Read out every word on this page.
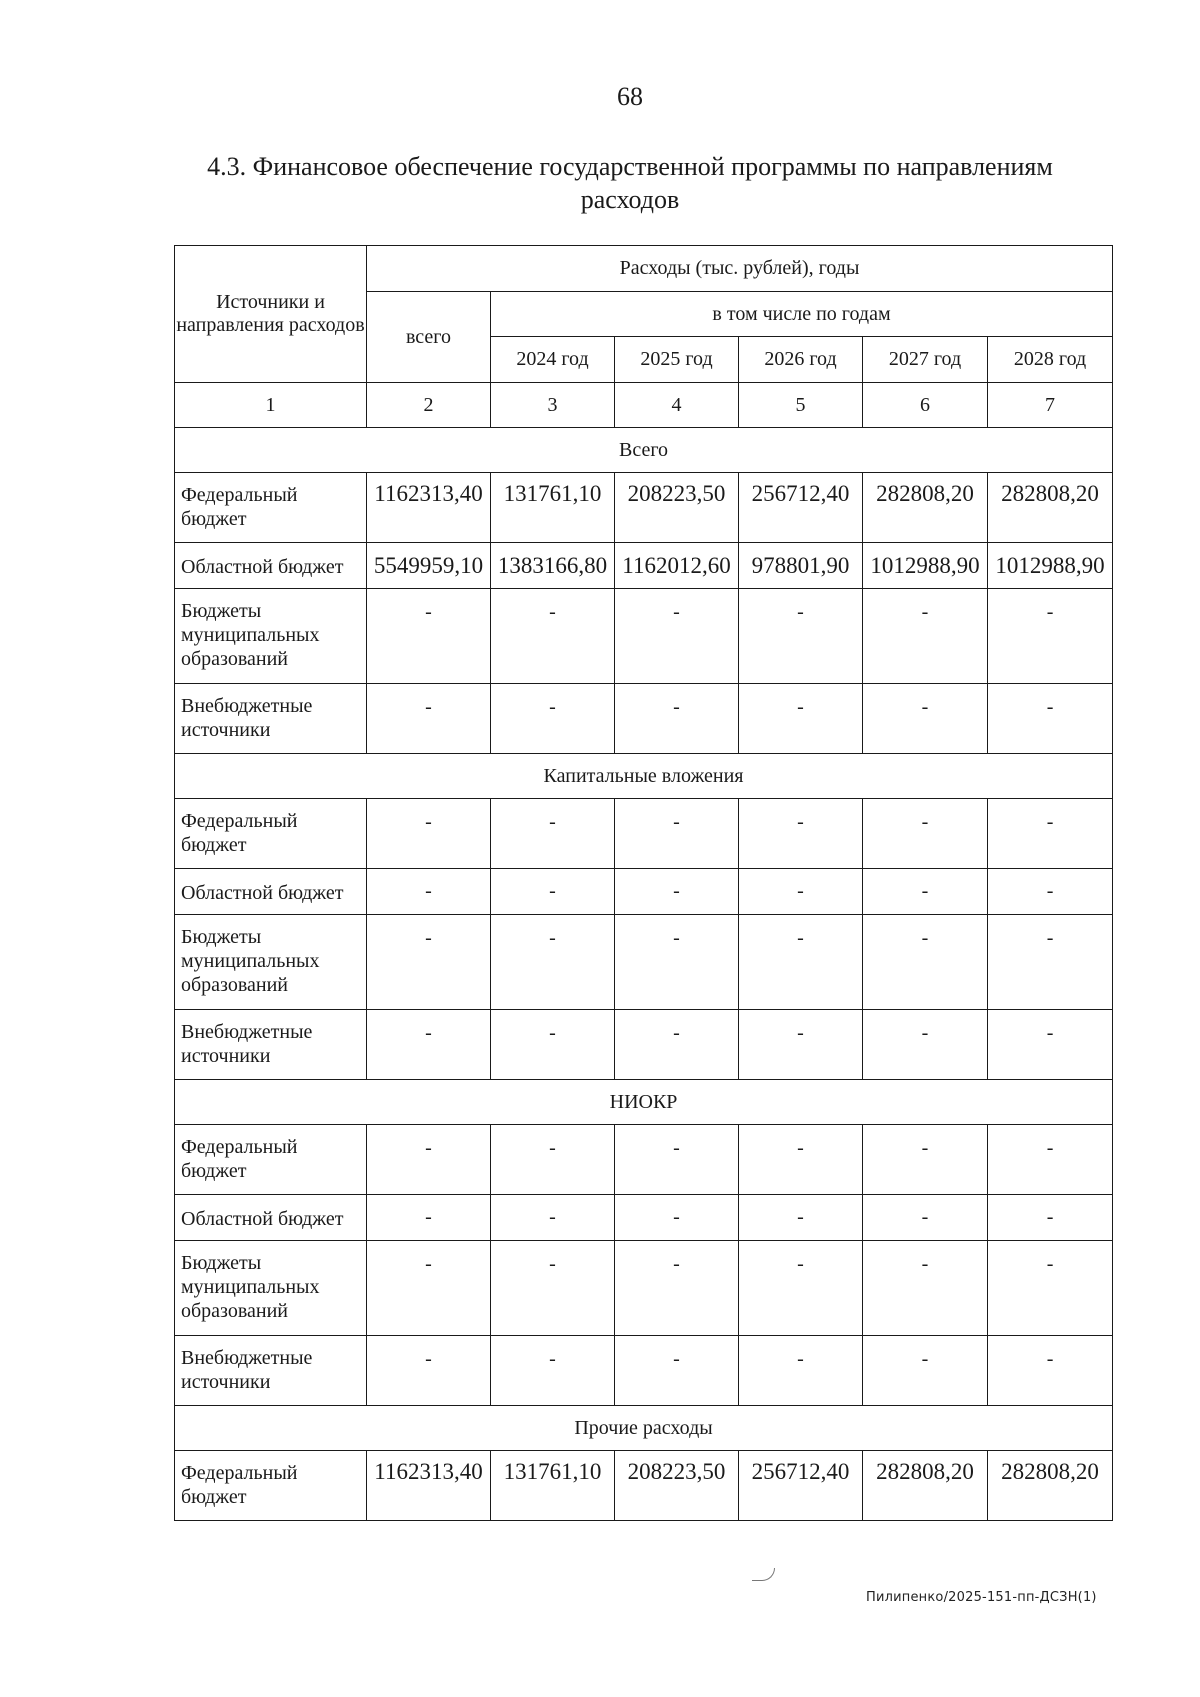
68
4.3. Финансовое обеспечение государственной программы по направлениям расходов
Источники и направления расходов	Расходы (тыс. рублей), годы					
	всего	в том числе по годам				
		2024 год	2025 год	2026 год	2027 год	2028 год
1	2	3	4	5	6	7
Всего						
Федеральный бюджет	1162313,40	131761,10	208223,50	256712,40	282808,20	282808,20
Областной бюджет	5549959,10	1383166,80	1162012,60	978801,90	1012988,90	1012988,90
Бюджеты муниципальных образований	-	-	-	-	-	-
Внебюджетные источники	-	-	-	-	-	-
Капитальные вложения						
Федеральный бюджет	-	-	-	-	-	-
Областной бюджет	-	-	-	-	-	-
Бюджеты муниципальных образований	-	-	-	-	-	-
Внебюджетные источники	-	-	-	-	-	-
НИОКР						
Федеральный бюджет	-	-	-	-	-	-
Областной бюджет	-	-	-	-	-	-
Бюджеты муниципальных образований	-	-	-	-	-	-
Внебюджетные источники	-	-	-	-	-	-
Прочие расходы						
Федеральный бюджет	1162313,40	131761,10	208223,50	256712,40	282808,20	282808,20
Пилипенко/2025-151-пп-ДСЗН(1)
